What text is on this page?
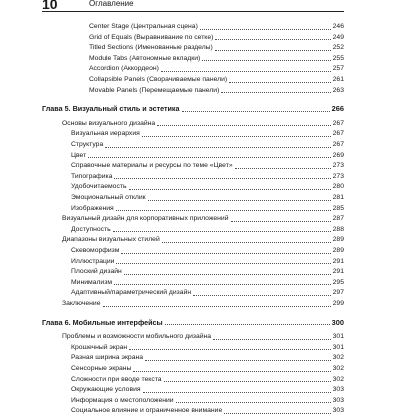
10	Оглавление
Center Stage (Центральная сцена)	246
Grid of Equals (Выравнивание по сетке)	249
Titled Sections (Именованные разделы)	252
Module Tabs (Автономные вкладки)	255
Accordion (Аккордеон)	257
Collapsible Panels (Сворачиваемые панели)	261
Movable Panels (Перемещаемые панели)	263
Глава 5. Визуальный стиль и эстетика	266
Основы визуального дизайна	267
Визуальная иерархия	267
Структура	267
Цвет	269
Справочные материалы и ресурсы по теме «Цвет»	273
Типографика	273
Удобочитаемость	280
Эмоциональный отклик	281
Изображения	285
Визуальный дизайн для корпоративных приложений	287
Доступность	288
Диапазоны визуальных стилей	289
Скевоморфизм	289
Иллюстрации	291
Плоский дизайн	291
Минимализм	295
Адаптивный/параметрический дизайн	297
Заключение	299
Глава 6. Мобильные интерфейсы	300
Проблемы и возможности мобильного дизайна	301
Крошечный экран	301
Разная ширина экрана	302
Сенсорные экраны	302
Сложности при вводе текста	302
Окружающие условия	303
Информация о местоположении	303
Социальное влияние и ограниченное внимание	303
